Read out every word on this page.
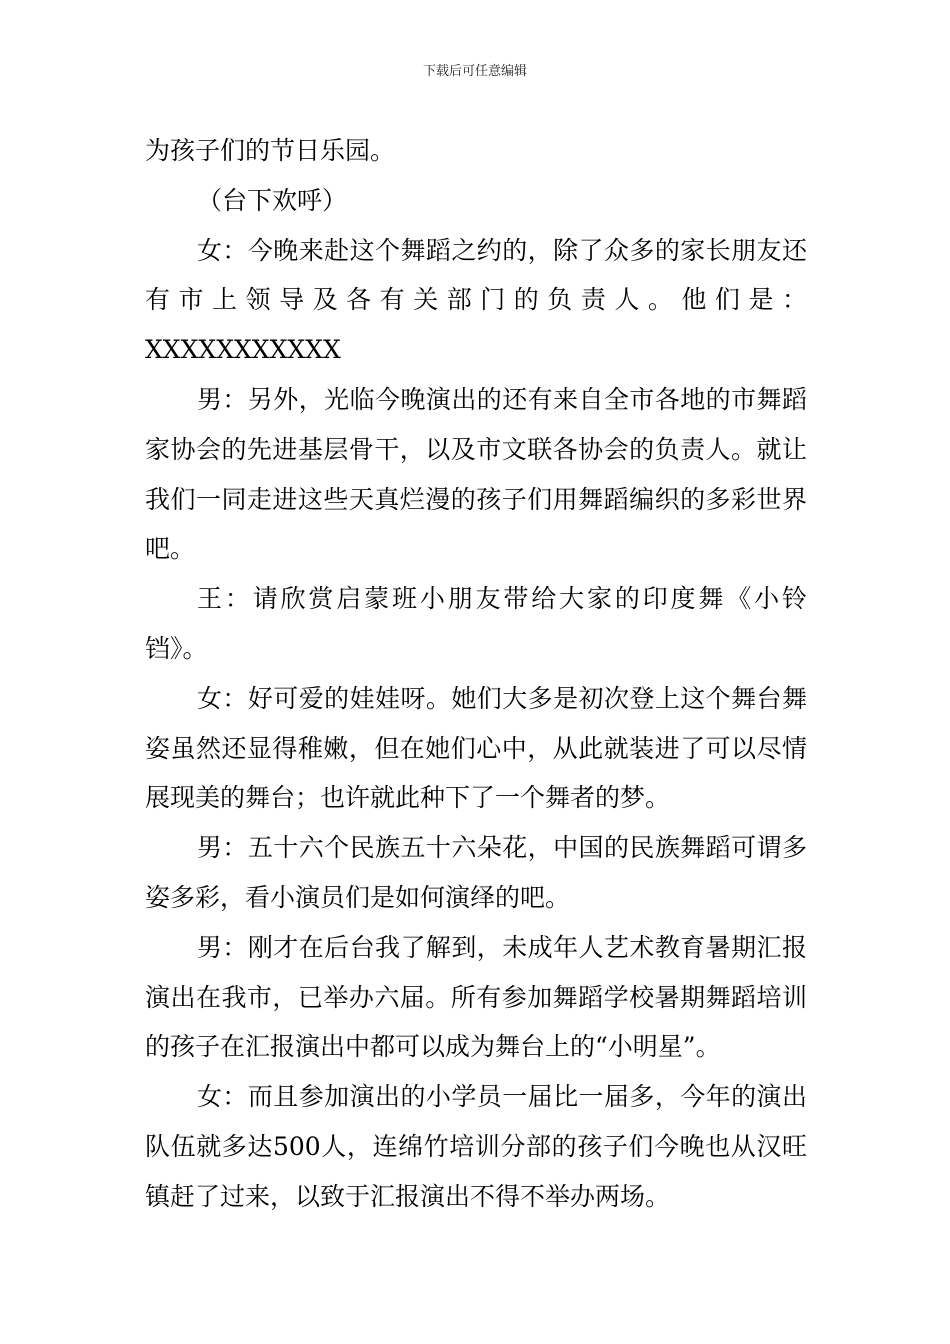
下载后可任意编辑

为孩子们的节日乐园。

（台下欢呼）

女：今晚来赴这个舞蹈之约的，除了众多的家长朋友还有市上领导及各有关部门的负责人。他们是：

XXXXXXXXXXX

男：另外，光临今晚演出的还有来自全市各地的市舞蹈家协会的先进基层骨干，以及市文联各协会的负责人。就让我们一同走进这些天真烂漫的孩子们用舞蹈编织的多彩世界吧。

王：请欣赏启蒙班小朋友带给大家的印度舞《小铃铛》。

女：好可爱的娃娃呀。她们大多是初次登上这个舞台舞姿虽然还显得稚嫩，但在她们心中，从此就装进了可以尽情展现美的舞台；也许就此种下了一个舞者的梦。

男：五十六个民族五十六朵花，中国的民族舞蹈可谓多姿多彩，看小演员们是如何演绎的吧。

男：刚才在后台我了解到，未成年人艺术教育暑期汇报演出在我市，已举办六届。所有参加舞蹈学校暑期舞蹈培训的孩子在汇报演出中都可以成为舞台上的“小明星”。

女：而且参加演出的小学员一届比一届多，今年的演出队伍就多达500人，连绵竹培训分部的孩子们今晚也从汉旺镇赶了过来，以致于汇报演出不得不举办两场。
